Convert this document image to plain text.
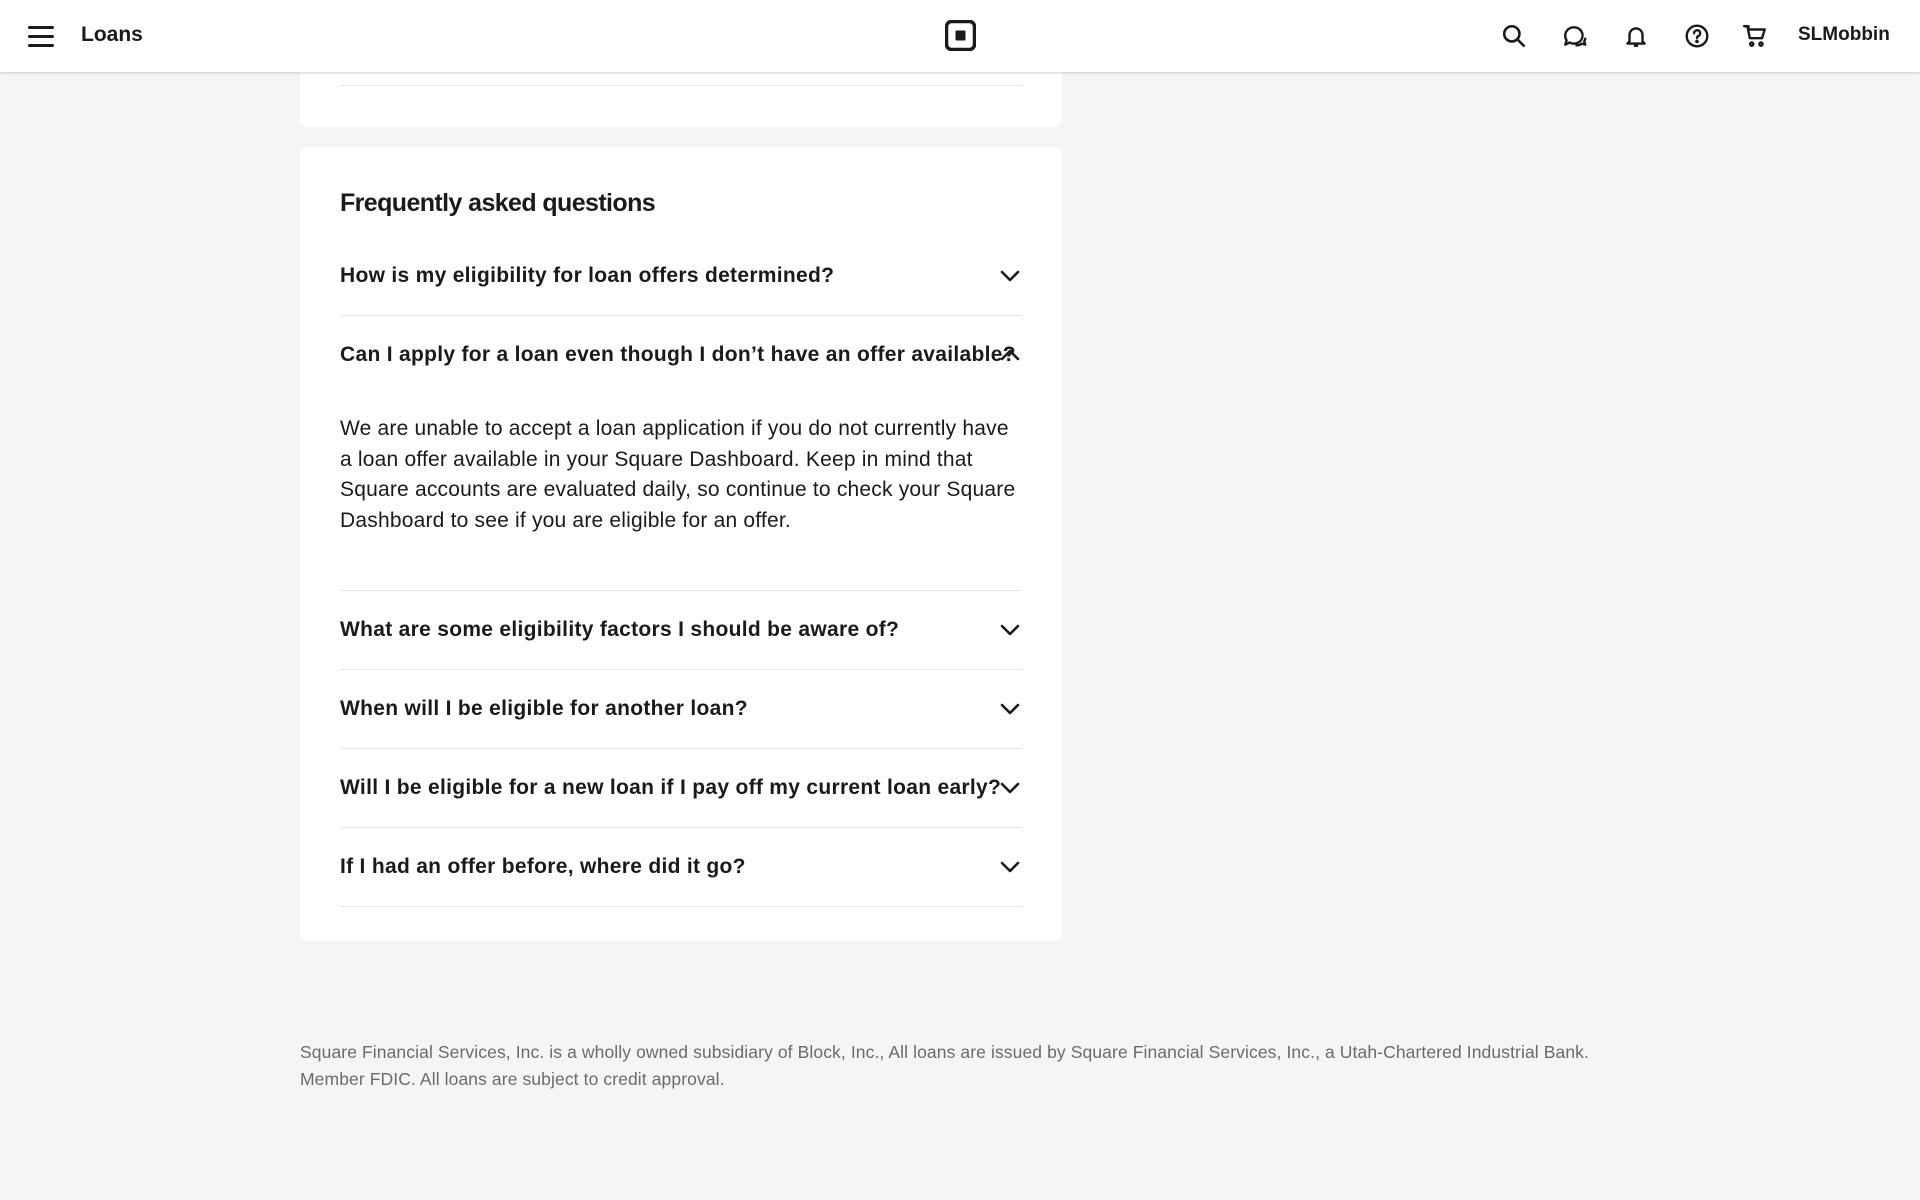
Loans	SLMobbin
Frequently asked questions
How is my eligibility for loan offers determined?
Can I apply for a loan even though I don’t have an offer available?
We are unable to accept a loan application if you do not currently have a loan offer available in your Square Dashboard. Keep in mind that Square accounts are evaluated daily, so continue to check your Square Dashboard to see if you are eligible for an offer.
What are some eligibility factors I should be aware of?
When will I be eligible for another loan?
Will I be eligible for a new loan if I pay off my current loan early?
If I had an offer before, where did it go?
Square Financial Services, Inc. is a wholly owned subsidiary of Block, Inc., All loans are issued by Square Financial Services, Inc., a Utah-Chartered Industrial Bank. Member FDIC. All loans are subject to credit approval.
